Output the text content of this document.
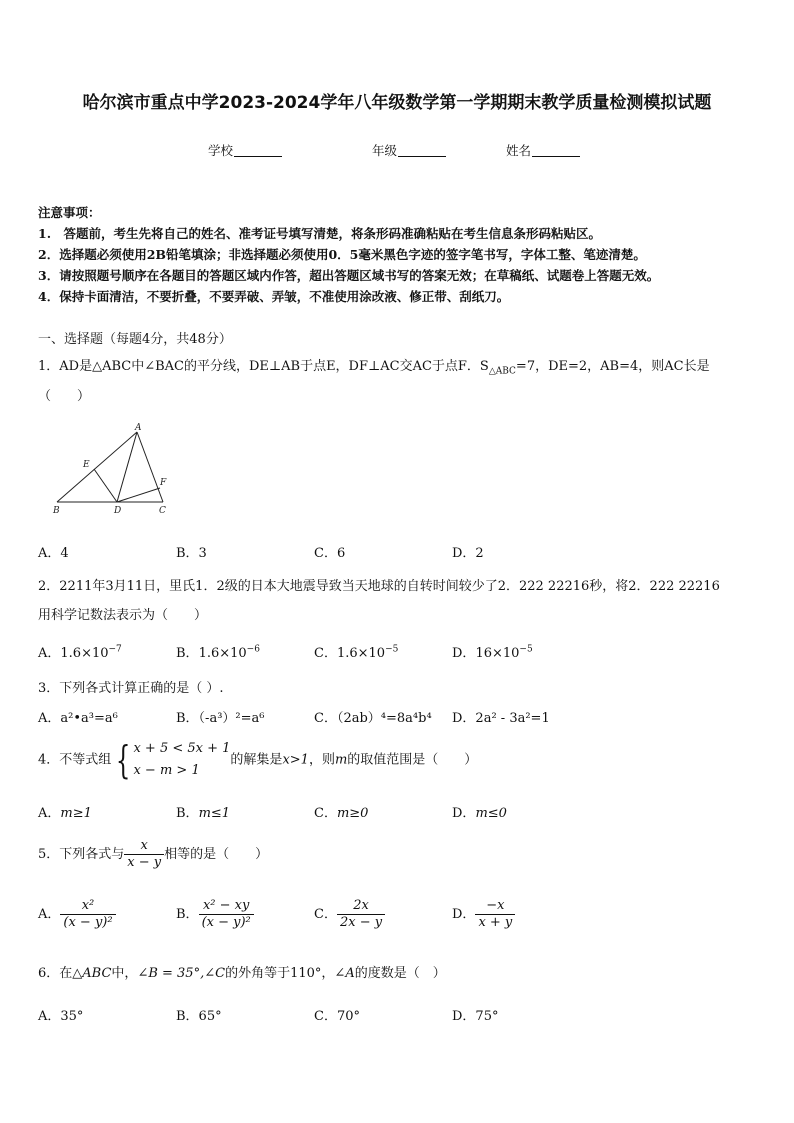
哈尔滨市重点中学2023-2024学年八年级数学第一学期期末教学质量检测模拟试题
学校	年级	姓名
注意事项：
1.　答题前，考生先将自己的姓名、准考证号填写清楚，将条形码准确粘贴在考生信息条形码粘贴区。
2．选择题必须使用2B铅笔填涂；非选择题必须使用0．5毫米黑色字迹的签字笔书写，字体工整、笔迹清楚。
3．请按照题号顺序在各题目的答题区域内作答，超出答题区域书写的答案无效；在草稿纸、试题卷上答题无效。
4．保持卡面清洁，不要折叠，不要弄破、弄皱，不准使用涂改液、修正带、刮纸刀。
一、选择题（每题4分，共48分）
1．AD是△ABC中∠BAC的平分线，DE⊥AB于点E，DF⊥AC交AC于点F．$S_{\triangle ABC}=7$，DE=2，AB=4，则AC长是
（　　）
A
B	C
D
E
F
A．4	B．3	C．6	D．2
2．2211年3月11日，里氏1．2级的日本大地震导致当天地球的自转时间较少了2．222 22216秒，将2．222 22216
用科学记数法表示为（　　）
A．$1.6\times 10^{-7}$	B．$1.6\times 10^{-6}$	C．$1.6\times 10^{-5}$	D．$16\times 10^{-5}$
3．下列各式计算正确的是（ ）.
A．a²•a³=a⁶	B．（-a³）²=a⁶	C．（2ab）⁴=8a⁴b⁴ D．2a² - 3a²=1
4．不等式组 { x + 5 < 5x + 1
x − m > 1
的解集是x>1，则m的取值范围是（　　）
A．m≥1	B．m≤1	C．m≥0	D．m≤0
5．下列各式与 $\frac{x}{x - y}$ 相等的是（　　）
A． $\frac{\text{x²}}{\text{(x − y)²}}$	B． $\frac{\text{x² − xy}}{\text{(x − y)²}}$	C． $\frac{2x}{2x - y}$	D． $\frac{-x}{x + y}$
6．在△ABC中，∠B = 35°,∠C的外角等于110°，∠A的度数是（　）
A．35°	B．65°	C．70°	D．75°
